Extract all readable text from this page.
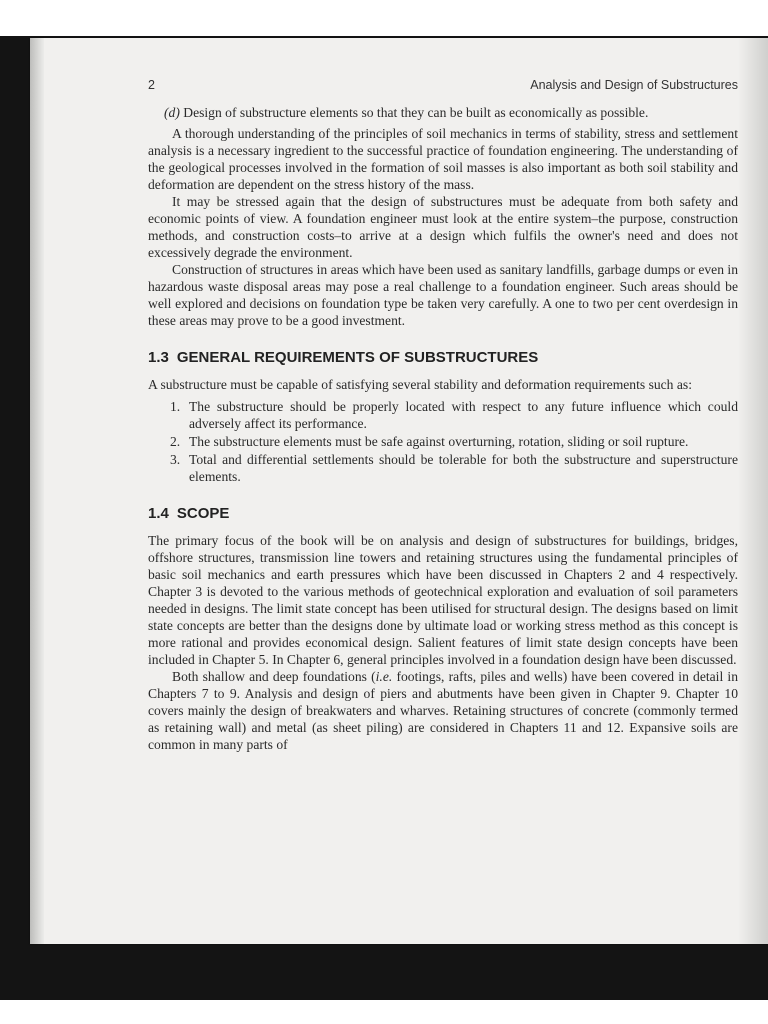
2	Analysis and Design of Substructures

(d) Design of substructure elements so that they can be built as economically as possible.

A thorough understanding of the principles of soil mechanics in terms of stability, stress and settlement analysis is a necessary ingredient to the successful practice of foundation engineering. The understanding of the geological processes involved in the formation of soil masses is also important as both soil stability and deformation are dependent on the stress history of the mass.

It may be stressed again that the design of substructures must be adequate from both safety and economic points of view. A foundation engineer must look at the entire system–the purpose, construction methods, and construction costs–to arrive at a design which fulfils the owner's need and does not excessively degrade the environment.

Construction of structures in areas which have been used as sanitary landfills, garbage dumps or even in hazardous waste disposal areas may pose a real challenge to a foundation engineer. Such areas should be well explored and decisions on foundation type be taken very carefully. A one to two per cent overdesign in these areas may prove to be a good investment.

1.3 GENERAL REQUIREMENTS OF SUBSTRUCTURES

A substructure must be capable of satisfying several stability and deformation requirements such as:

1. The substructure should be properly located with respect to any future influence which could adversely affect its performance.
2. The substructure elements must be safe against overturning, rotation, sliding or soil rupture.
3. Total and differential settlements should be tolerable for both the substructure and superstructure elements.
1.4 SCOPE

The primary focus of the book will be on analysis and design of substructures for buildings, bridges, offshore structures, transmission line towers and retaining structures using the fundamental principles of basic soil mechanics and earth pressures which have been discussed in Chapters 2 and 4 respectively. Chapter 3 is devoted to the various methods of geotechnical exploration and evaluation of soil parameters needed in designs. The limit state concept has been utilised for structural design. The designs based on limit state concepts are better than the designs done by ultimate load or working stress method as this concept is more rational and provides economical design. Salient features of limit state design concepts have been included in Chapter 5. In Chapter 6, general principles involved in a foundation design have been discussed.

Both shallow and deep foundations (i.e. footings, rafts, piles and wells) have been covered in detail in Chapters 7 to 9. Analysis and design of piers and abutments have been given in Chapter 9. Chapter 10 covers mainly the design of breakwaters and wharves. Retaining structures of concrete (commonly termed as retaining wall) and metal (as sheet piling) are considered in Chapters 11 and 12. Expansive soils are common in many parts of
